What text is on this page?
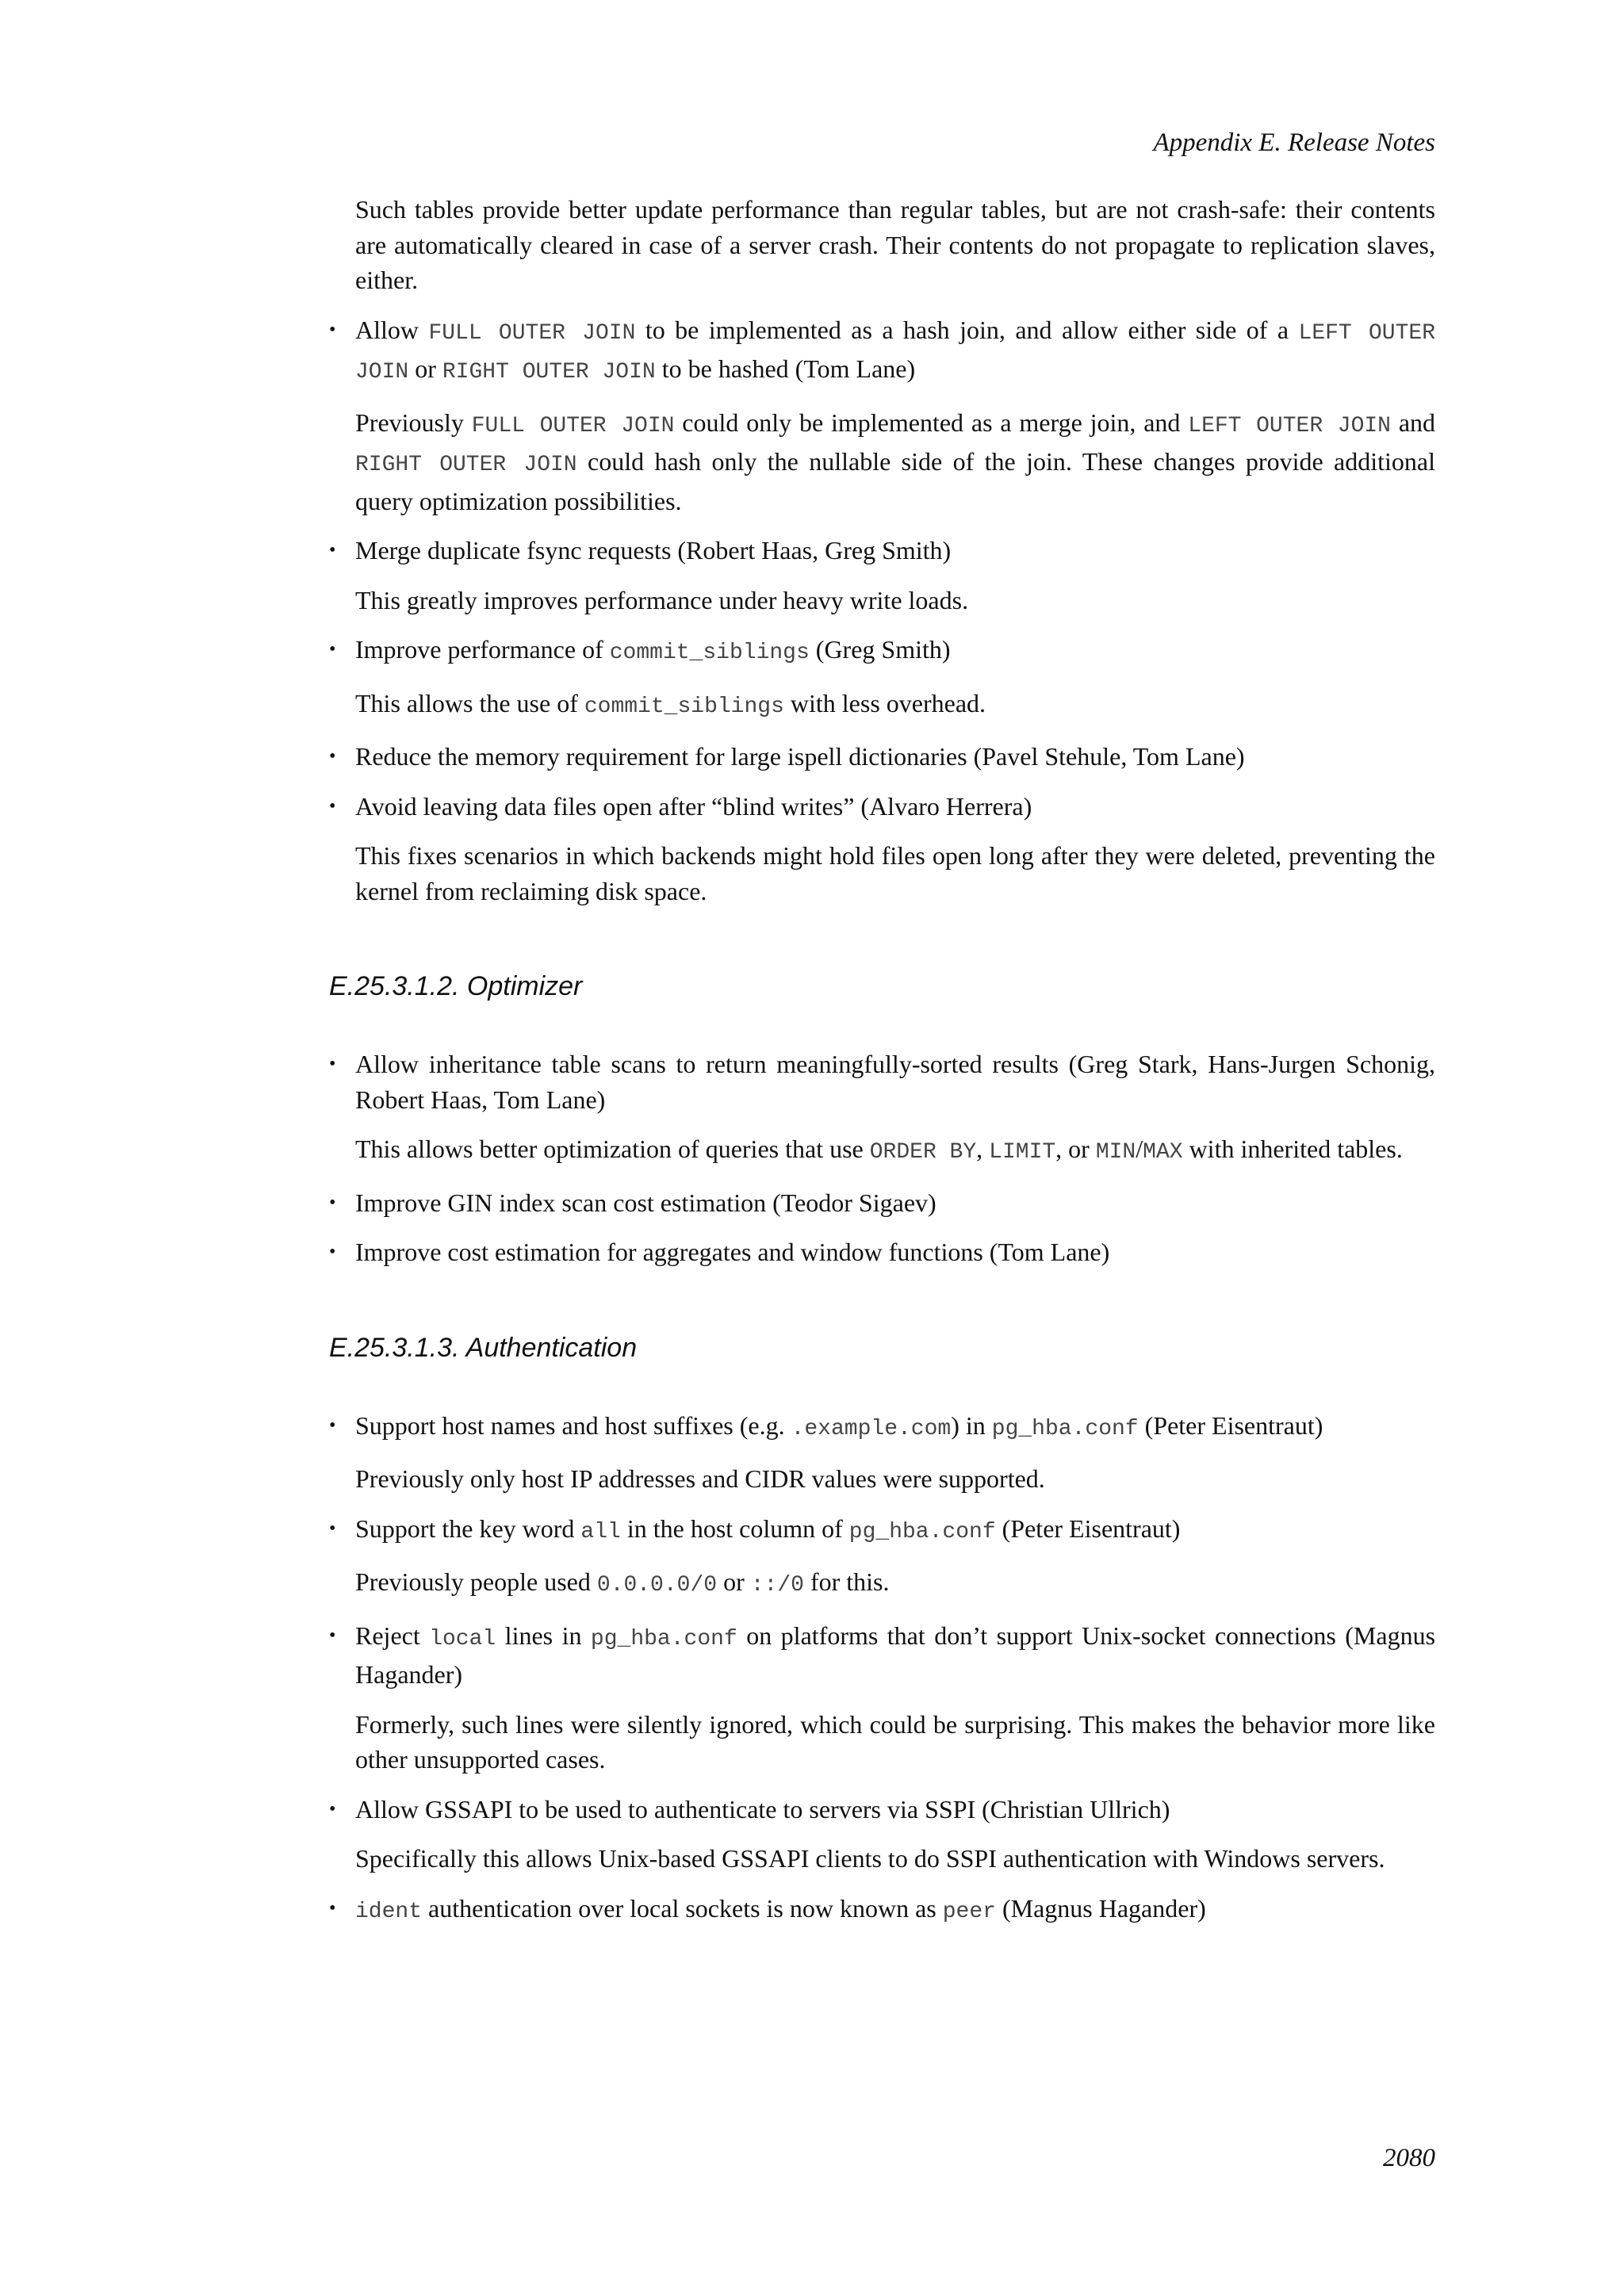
Appendix E. Release Notes

Such tables provide better update performance than regular tables, but are not crash-safe: their contents are automatically cleared in case of a server crash. Their contents do not propagate to replication slaves, either.

• Allow FULL OUTER JOIN to be implemented as a hash join, and allow either side of a LEFT OUTER JOIN or RIGHT OUTER JOIN to be hashed (Tom Lane)
Previously FULL OUTER JOIN could only be implemented as a merge join, and LEFT OUTER JOIN and RIGHT OUTER JOIN could hash only the nullable side of the join. These changes provide additional query optimization possibilities.
• Merge duplicate fsync requests (Robert Haas, Greg Smith)
This greatly improves performance under heavy write loads.
• Improve performance of commit_siblings (Greg Smith)
This allows the use of commit_siblings with less overhead.
• Reduce the memory requirement for large ispell dictionaries (Pavel Stehule, Tom Lane)
• Avoid leaving data files open after “blind writes” (Alvaro Herrera)
This fixes scenarios in which backends might hold files open long after they were deleted, preventing the kernel from reclaiming disk space.
E.25.3.1.2. Optimizer
• Allow inheritance table scans to return meaningfully-sorted results (Greg Stark, Hans-Jurgen Schonig, Robert Haas, Tom Lane)
This allows better optimization of queries that use ORDER BY, LIMIT, or MIN/MAX with inherited tables.
• Improve GIN index scan cost estimation (Teodor Sigaev)
• Improve cost estimation for aggregates and window functions (Tom Lane)
E.25.3.1.3. Authentication
• Support host names and host suffixes (e.g. .example.com) in pg_hba.conf (Peter Eisentraut)
Previously only host IP addresses and CIDR values were supported.
• Support the key word all in the host column of pg_hba.conf (Peter Eisentraut)
Previously people used 0.0.0.0/0 or ::/0 for this.
• Reject local lines in pg_hba.conf on platforms that don’t support Unix-socket connections (Magnus Hagander)
Formerly, such lines were silently ignored, which could be surprising. This makes the behavior more like other unsupported cases.
• Allow GSSAPI to be used to authenticate to servers via SSPI (Christian Ullrich)
Specifically this allows Unix-based GSSAPI clients to do SSPI authentication with Windows servers.
• ident authentication over local sockets is now known as peer (Magnus Hagander)
2080
